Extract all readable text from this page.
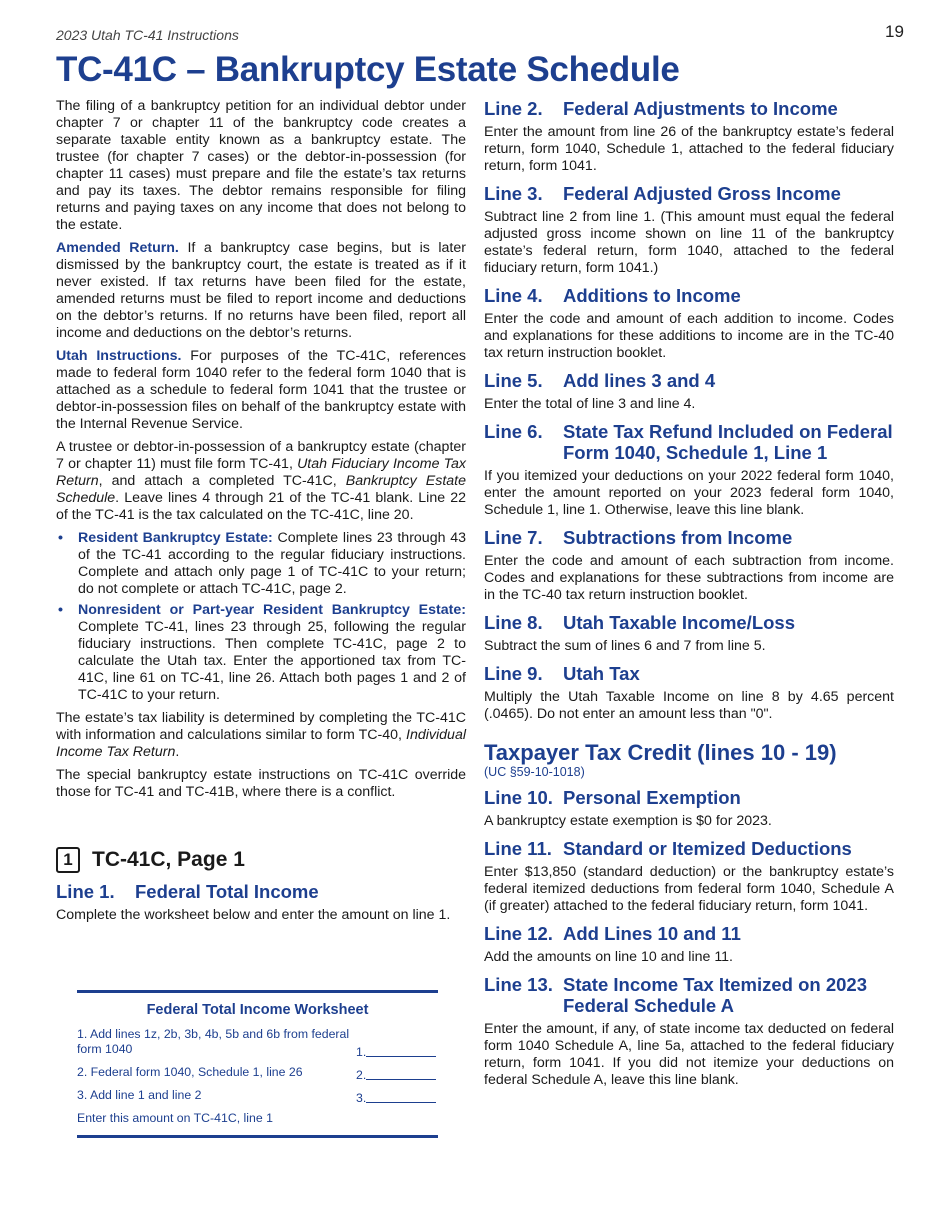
2023 Utah TC-41 Instructions	19
TC-41C – Bankruptcy Estate Schedule

The filing of a bankruptcy petition for an individual debtor under chapter 7 or chapter 11 of the bankruptcy code creates a separate taxable entity known as a bankruptcy estate. The trustee (for chapter 7 cases) or the debtor-in-possession (for chapter 11 cases) must prepare and file the estate’s tax returns and pay its taxes. The debtor remains responsible for filing returns and paying taxes on any income that does not belong to the estate.

Amended Return. If a bankruptcy case begins, but is later dismissed by the bankruptcy court, the estate is treated as if it never existed. If tax returns have been filed for the estate, amended returns must be filed to report income and deductions on the debtor’s returns. If no returns have been filed, report all income and deductions on the debtor’s returns.

Utah Instructions. For purposes of the TC-41C, references made to federal form 1040 refer to the federal form 1040 that is attached as a schedule to federal form 1041 that the trustee or debtor-in-possession files on behalf of the bankruptcy estate with the Internal Revenue Service.

A trustee or debtor-in-possession of a bankruptcy estate (chapter 7 or chapter 11) must file form TC-41, Utah Fiduciary Income Tax Return, and attach a completed TC-41C, Bankruptcy Estate Schedule. Leave lines 4 through 21 of the TC-41 blank. Line 22 of the TC-41 is the tax calculated on the TC-41C, line 20.

• Resident Bankruptcy Estate: Complete lines 23 through 43 of the TC-41 according to the regular fiduciary instructions. Complete and attach only page 1 of TC-41C to your return; do not complete or attach TC-41C, page 2.
• Nonresident or Part-year Resident Bankruptcy Estate: Complete TC-41, lines 23 through 25, following the regular fiduciary instructions. Then complete TC-41C, page 2 to calculate the Utah tax. Enter the apportioned tax from TC-41C, line 61 on TC-41, line 26. Attach both pages 1 and 2 of TC-41C to your return.

The estate’s tax liability is determined by completing the TC-41C with information and calculations similar to form TC-40, Individual Income Tax Return.

The special bankruptcy estate instructions on TC-41C override those for TC-41 and TC-41B, where there is a conflict.

1 TC-41C, Page 1
Line 1.	Federal Total Income

Complete the worksheet below and enter the amount on line 1.

Federal Total Income Worksheet
1. Add lines 1z, 2b, 3b, 4b, 5b and 6b from federal form 1040	1.
2. Federal form 1040, Schedule 1, line 26	2.
3. Add line 1 and line 2	3.
Enter this amount on TC-41C, line 1
Line 2.	Federal Adjustments to Income

Enter the amount from line 26 of the bankruptcy estate’s federal return, form 1040, Schedule 1, attached to the federal fiduciary return, form 1041.

Line 3.	Federal Adjusted Gross Income

Subtract line 2 from line 1. (This amount must equal the federal adjusted gross income shown on line 11 of the bankruptcy estate’s federal return, form 1040, attached to the federal fiduciary return, form 1041.)

Line 4.	Additions to Income

Enter the code and amount of each addition to income. Codes and explanations for these additions to income are in the TC-40 tax return instruction booklet.

Line 5.	Add lines 3 and 4

Enter the total of line 3 and line 4.

Line 6.	State Tax Refund Included on Federal Form 1040, Schedule 1, Line 1

If you itemized your deductions on your 2022 federal form 1040, enter the amount reported on your 2023 federal form 1040, Schedule 1, line 1. Otherwise, leave this line blank.

Line 7.	Subtractions from Income

Enter the code and amount of each subtraction from income. Codes and explanations for these subtractions from income are in the TC-40 tax return instruction booklet.

Line 8.	Utah Taxable Income/Loss

Subtract the sum of lines 6 and 7 from line 5.

Line 9.	Utah Tax

Multiply the Utah Taxable Income on line 8 by 4.65 percent (.0465). Do not enter an amount less than "0".

Taxpayer Tax Credit (lines 10 - 19)
(UC §59-10-1018)
Line 10. Personal Exemption

A bankruptcy estate exemption is $0 for 2023.

Line 11. Standard or Itemized Deductions

Enter $13,850 (standard deduction) or the bankruptcy estate’s federal itemized deductions from federal form 1040, Schedule A (if greater) attached to the federal fiduciary return, form 1041.

Line 12. Add Lines 10 and 11

Add the amounts on line 10 and line 11.

Line 13. State Income Tax Itemized on 2023 Federal Schedule A

Enter the amount, if any, of state income tax deducted on federal form 1040 Schedule A, line 5a, attached to the federal fiduciary return, form 1041. If you did not itemize your deductions on federal Schedule A, leave this line blank.
